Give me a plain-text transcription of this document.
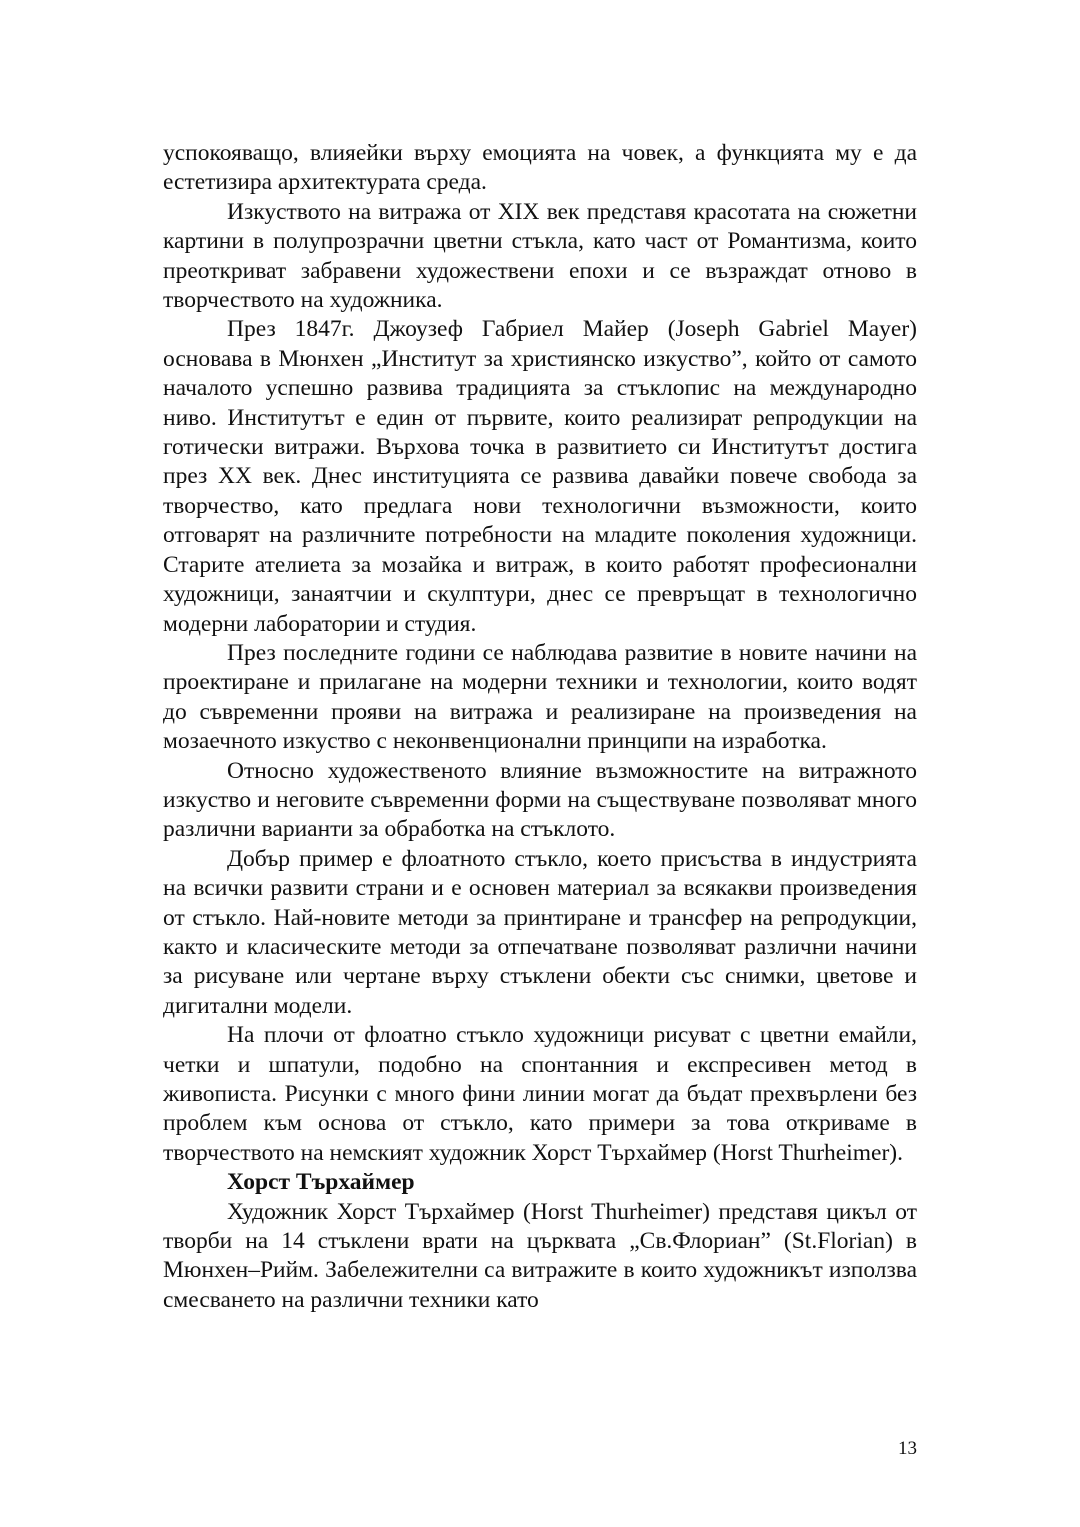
успокояващо, влияейки върху емоцията на човек, а функцията му е да естетизира архитектурата среда.

Изкуството на витража от XIX век представя красотата на сюжетни картини в полупрозрачни цветни стъкла, като част от Романтизма, които преоткриват забравени художествени епохи и се възраждат отново в творчеството на художника.

През 1847г. Джоузеф Габриел Майер (Joseph Gabriel Mayer) основава в Мюнхен „Институт за християнско изкуство”, който от самото началото успешно развива традицията за стъклопис на международно ниво. Институтът е един от първите, които реализират репродукции на готически витражи. Върхова точка в развитието си Институтът достига през XX век. Днес институцията се развива давайки повече свобода за творчество, като предлага нови технологични възможности, които отговарят на различните потребности на младите поколения художници. Старите ателиета за мозайка и витраж, в които работят професионални художници, занаятчии и скулптури, днес се превръщат в технологично модерни лаборатории и студия.

През последните години се наблюдава развитие в новите начини на проектиране и прилагане на модерни техники и технологии, които водят до съвременни прояви на витража и реализиране на произведения на мозаечното изкуство с неконвенционални принципи на изработка.

Относно художественото влияние възможностите на витражното изкуство и неговите съвременни форми на съществуване позволяват много различни варианти за обработка на стъклото.

Добър пример е флоатното стъкло, което присъства в индустрията на всички развити страни и е основен материал за всякакви произведения от стъкло. Най-новите методи за принтиране и трансфер на репродукции, както и класическите методи за отпечатване позволяват различни начини за рисуване или чертане върху стъклени обекти със снимки, цветове и дигитални модели.

На плочи от флоатно стъкло художници рисуват с цветни емайли, четки и шпатули, подобно на спонтанния и експресивен метод в живописта. Рисунки с много фини линии могат да бъдат прехвърлени без проблем към основа от стъкло, като примери за това откриваме в творчеството на немският художник Хорст Търхаймер (Horst Thurheimer).

Хорст Търхаймер

Художник Хорст Търхаймер (Horst Thurheimer) представя цикъл от творби на 14 стъклени врати на църквата „Св.Флориан” (St.Florian) в Мюнхен–Рийм. Забележителни са витражите в които художникът използва смесването на различни техники като

13
